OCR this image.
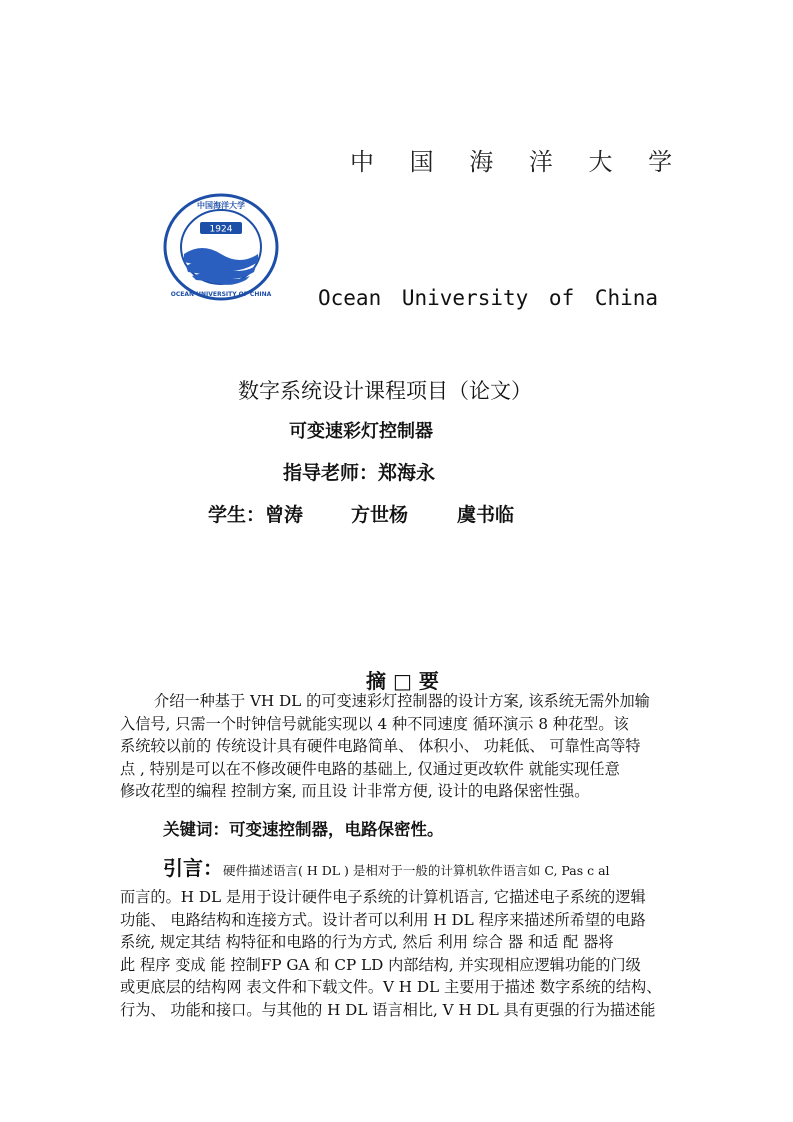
中 国 海 洋 大 学
1924
中国海洋大学
OCEAN UNIVERSITY OF CHINA Ocean University of China
数字系统设计课程项目（论文）
可变速彩灯控制器
指导老师：郑海永
学生：曾涛	方世杨	虞书临
摘 □ 要
介绍一种基于 VH DL 的可变速彩灯控制器的设计方案, 该系统无需外加输
入信号, 只需一个时钟信号就能实现以 4 种不同速度 循环演示 8 种花型。该
系统较以前的 传统设计具有硬件电路简单、 体积小、 功耗低、 可靠性高等特
点 , 特别是可以在不修改硬件电路的基础上, 仅通过更改软件 就能实现任意
修改花型的编程 控制方案, 而且设 计非常方便, 设计的电路保密性强。
关键词：可变速控制器，电路保密性。
引言：硬件描述语言( H DL ) 是相对于一般的计算机软件语言如 C, Pas c al
而言的。H DL 是用于设计硬件电子系统的计算机语言, 它描述电子系统的逻辑
功能、 电路结构和连接方式。设计者可以利用 H DL 程序来描述所希望的电路
系统, 规定其结 构特征和电路的行为方式, 然后 利用 综合 器 和适 配 器将
此 程序 变成 能 控制FP GA 和 CP LD 内部结构, 并实现相应逻辑功能的门级
或更底层的结构网 表文件和下载文件。V H DL 主要用于描述 数字系统的结构、
行为、 功能和接口。与其他的 H DL 语言相比, V H DL 具有更强的行为描述能
